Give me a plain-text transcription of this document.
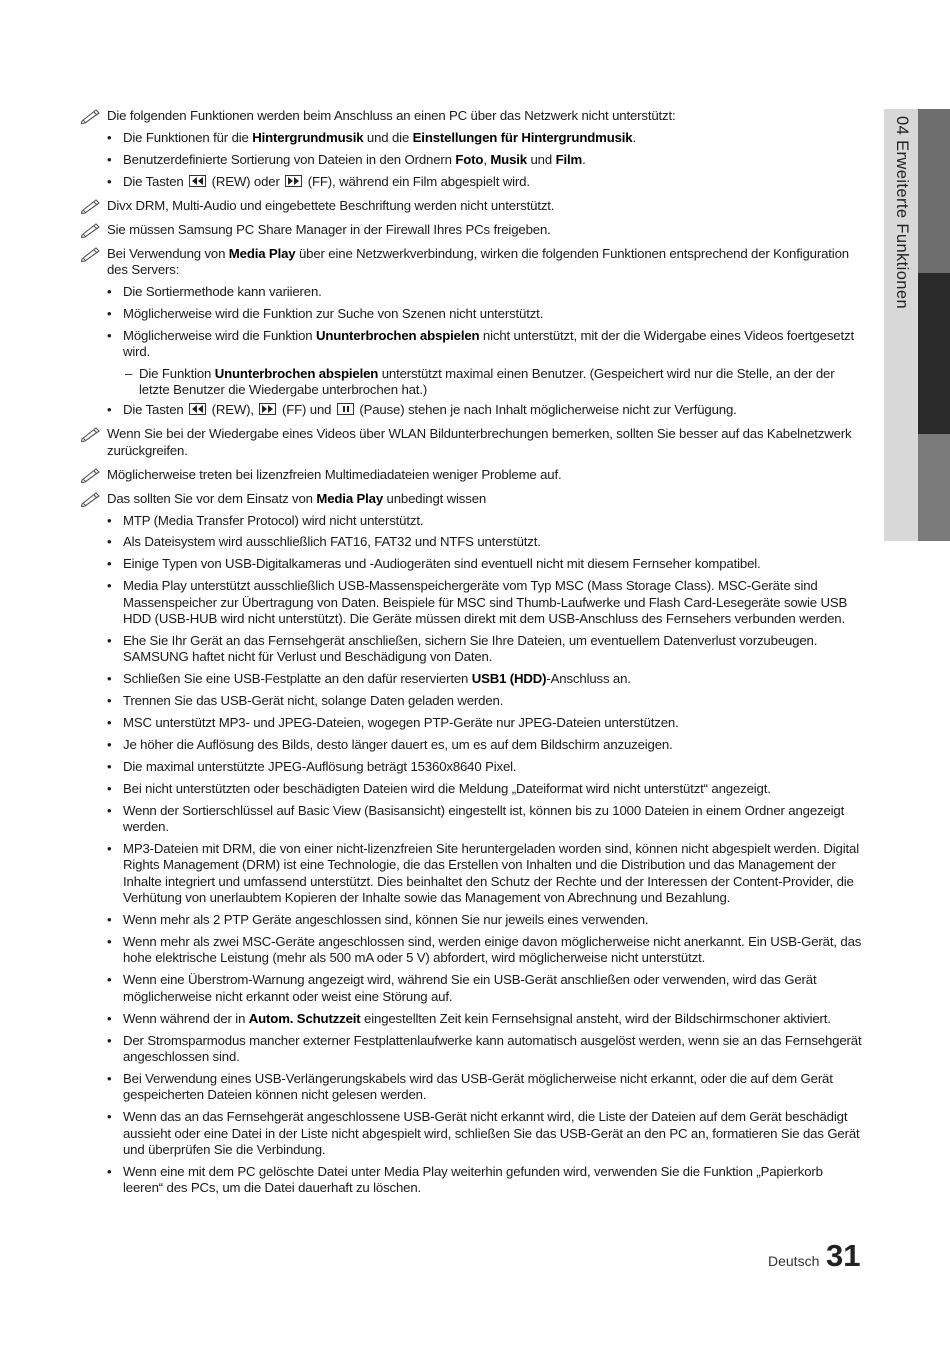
04 Erweiterte Funktionen
Die folgenden Funktionen werden beim Anschluss an einen PC über das Netzwerk nicht unterstützt:
• Die Funktionen für die Hintergrundmusik und die Einstellungen für Hintergrundmusik.
• Benutzerdefinierte Sortierung von Dateien in den Ordnern Foto, Musik und Film.
• Die Tasten
(REW) oder
(FF), während ein Film abgespielt wird.
Divx DRM, Multi-Audio und eingebettete Beschriftung werden nicht unterstützt.
Sie müssen Samsung PC Share Manager in der Firewall Ihres PCs freigeben.
Bei Verwendung von Media Play über eine Netzwerkverbindung, wirken die folgenden Funktionen entsprechend der Konfiguration des Servers:
• Die Sortiermethode kann variieren.
• Möglicherweise wird die Funktion zur Suche von Szenen nicht unterstützt.
• Möglicherweise wird die Funktion Ununterbrochen abspielen nicht unterstützt, mit der die Widergabe eines Videos foertgesetzt wird.
– Die Funktion Ununterbrochen abspielen unterstützt maximal einen Benutzer. (Gespeichert wird nur die Stelle, an der der letzte Benutzer die Wiedergabe unterbrochen hat.)
• Die Tasten
(REW),
(FF) und
(Pause) stehen je nach Inhalt möglicherweise nicht zur Verfügung.
Wenn Sie bei der Wiedergabe eines Videos über WLAN Bildunterbrechungen bemerken, sollten Sie besser auf das Kabelnetzwerk zurückgreifen.
Möglicherweise treten bei lizenzfreien Multimediadateien weniger Probleme auf.
Das sollten Sie vor dem Einsatz von Media Play unbedingt wissen
• MTP (Media Transfer Protocol) wird nicht unterstützt.
• Als Dateisystem wird ausschließlich FAT16, FAT32 und NTFS unterstützt.
• Einige Typen von USB-Digitalkameras und -Audiogeräten sind eventuell nicht mit diesem Fernseher kompatibel.
• Media Play unterstützt ausschließlich USB-Massenspeichergeräte vom Typ MSC (Mass Storage Class). MSC-Geräte sind Massenspeicher zur Übertragung von Daten. Beispiele für MSC sind Thumb-Laufwerke und Flash Card-Lesegeräte sowie USB HDD (USB-HUB wird nicht unterstützt). Die Geräte müssen direkt mit dem USB-Anschluss des Fernsehers verbunden werden.
• Ehe Sie Ihr Gerät an das Fernsehgerät anschließen, sichern Sie Ihre Dateien, um eventuellem Datenverlust vorzubeugen. SAMSUNG haftet nicht für Verlust und Beschädigung von Daten.
• Schließen Sie eine USB-Festplatte an den dafür reservierten USB1 (HDD)-Anschluss an.
• Trennen Sie das USB-Gerät nicht, solange Daten geladen werden.
• MSC unterstützt MP3- und JPEG-Dateien, wogegen PTP-Geräte nur JPEG-Dateien unterstützen.
• Je höher die Auflösung des Bilds, desto länger dauert es, um es auf dem Bildschirm anzuzeigen.
• Die maximal unterstützte JPEG-Auflösung beträgt 15360x8640 Pixel.
• Bei nicht unterstützten oder beschädigten Dateien wird die Meldung „Dateiformat wird nicht unterstützt“ angezeigt.
• Wenn der Sortierschlüssel auf Basic View (Basisansicht) eingestellt ist, können bis zu 1000 Dateien in einem Ordner angezeigt werden.
• MP3-Dateien mit DRM, die von einer nicht-lizenzfreien Site heruntergeladen worden sind, können nicht abgespielt werden. Digital Rights Management (DRM) ist eine Technologie, die das Erstellen von Inhalten und die Distribution und das Management der Inhalte integriert und umfassend unterstützt. Dies beinhaltet den Schutz der Rechte und der Interessen der Content-Provider, die Verhütung von unerlaubtem Kopieren der Inhalte sowie das Management von Abrechnung und Bezahlung.
• Wenn mehr als 2 PTP Geräte angeschlossen sind, können Sie nur jeweils eines verwenden.
• Wenn mehr als zwei MSC-Geräte angeschlossen sind, werden einige davon möglicherweise nicht anerkannt. Ein USB-Gerät, das hohe elektrische Leistung (mehr als 500 mA oder 5 V) abfordert, wird möglicherweise nicht unterstützt.
• Wenn eine Überstrom-Warnung angezeigt wird, während Sie ein USB-Gerät anschließen oder verwenden, wird das Gerät möglicherweise nicht erkannt oder weist eine Störung auf.
• Wenn während der in Autom. Schutzzeit eingestellten Zeit kein Fernsehsignal ansteht, wird der Bildschirmschoner aktiviert.
• Der Stromsparmodus mancher externer Festplattenlaufwerke kann automatisch ausgelöst werden, wenn sie an das Fernsehgerät angeschlossen sind.
• Bei Verwendung eines USB-Verlängerungskabels wird das USB-Gerät möglicherweise nicht erkannt, oder die auf dem Gerät gespeicherten Dateien können nicht gelesen werden.
• Wenn das an das Fernsehgerät angeschlossene USB-Gerät nicht erkannt wird, die Liste der Dateien auf dem Gerät beschädigt aussieht oder eine Datei in der Liste nicht abgespielt wird, schließen Sie das USB-Gerät an den PC an, formatieren Sie das Gerät und überprüfen Sie die Verbindung.
• Wenn eine mit dem PC gelöschte Datei unter Media Play weiterhin gefunden wird, verwenden Sie die Funktion „Papierkorb leeren“ des PCs, um die Datei dauerhaft zu löschen.
Deutsch 31
